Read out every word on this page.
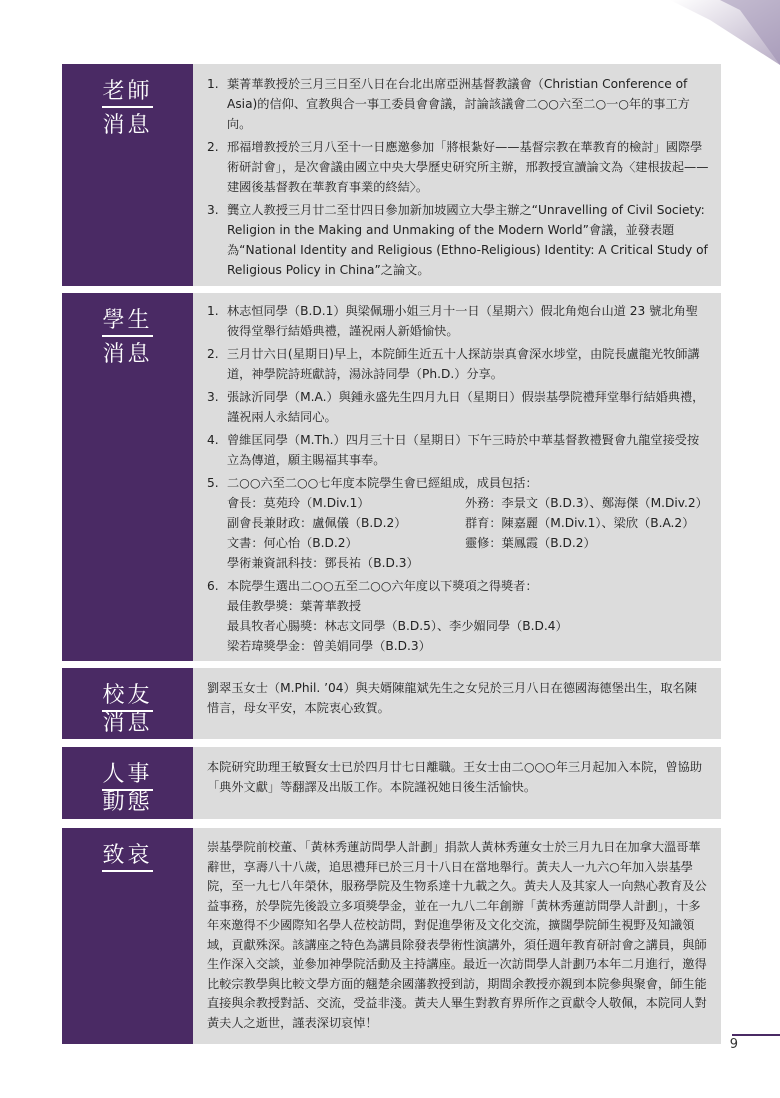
老師
消息
1. 葉菁華教授於三月三日至八日在台北出席亞洲基督教議會（Christian Conference of Asia)的信仰、宣教與合一事工委員會會議，討論該議會二○○六至二○一○年的事工方向。
2. 邢福增教授於三月八至十一日應邀參加「將根紮好——基督宗教在華教育的檢討」國際學術研討會」，是次會議由國立中央大學歷史研究所主辦，邢教授宣讀論文為〈建根拔起——建國後基督教在華教育事業的終結〉。
3. 龔立人教授三月廿二至廿四日參加新加坡國立大學主辦之“Unravelling of Civil Society: Religion in the Making and Unmaking of the Modern World”會議，並發表題為“National Identity and Religious (Ethno-Religious) Identity: A Critical Study of Religious Policy in China”之論文。
學生
消息
1. 林志恒同學（B.D.1）與梁佩珊小姐三月十一日（星期六）假北角炮台山道 23 號北角聖彼得堂舉行結婚典禮，謹祝兩人新婚愉快。
2. 三月廿六日(星期日)早上，本院師生近五十人探訪崇真會深水埗堂，由院長盧龍光牧師講道，神學院詩班獻詩，湯泳詩同學（Ph.D.）分享。
3. 張詠沂同學（M.A.）與鍾永盛先生四月九日（星期日）假崇基學院禮拜堂舉行結婚典禮，謹祝兩人永結同心。
4. 曾維匡同學（M.Th.）四月三十日（星期日）下午三時於中華基督教禮賢會九龍堂接受按立為傳道，願主賜福其事奉。
5. 二○○六至二○○七年度本院學生會已經組成，成員包括：
會長：莫苑玲（M.Div.1）	外務：李景文（B.D.3）、鄭海傑（M.Div.2）
副會長兼財政：盧佩儀（B.D.2）	群育：陳嘉麗（M.Div.1）、梁欣（B.A.2）
文書：何心怡（B.D.2）	靈修：葉鳳霞（B.D.2）
學術兼資訊科技：鄧長祐（B.D.3）
6. 本院學生選出二○○五至二○○六年度以下獎項之得獎者：
最佳教學獎：葉菁華教授
最具牧者心腸獎：林志文同學（B.D.5）、李少媚同學（B.D.4）
梁若瑋獎學金：曾美娟同學（B.D.3）
校友
消息

劉翠玉女士（M.Phil. ’04）與夫婿陳龍斌先生之女兒於三月八日在德國海德堡出生，取名陳惜言，母女平安，本院衷心致賀。

人事
動態

本院研究助理王敏賢女士已於四月廿七日離職。王女士由二○○○年三月起加入本院，曾協助「典外文獻」等翻譯及出版工作。本院謹祝她日後生活愉快。

致哀	崇基學院前校董、「黃林秀蓮訪問學人計劃」捐款人黃林秀蓮女士於三月九日在加拿大溫哥華辭世，享壽八十八歲，追思禮拜已於三月十八日在當地舉行。黃夫人一九六○年加入崇基學院，至一九七八年榮休，服務學院及生物系達十九載之久。黃夫人及其家人一向熱心教育及公益事務，於學院先後設立多項獎學金，並在一九八二年創辦「黃林秀蓮訪問學人計劃」，十多年來邀得不少國際知名學人莅校訪問，對促進學術及文化交流，擴闊學院師生視野及知識領域，貢獻殊深。該講座之特色為講員除發表學術性演講外，須任週年教育研討會之講員，與師生作深入交談，並參加神學院活動及主持講座。最近一次訪問學人計劃乃本年二月進行，邀得比較宗教學與比較文學方面的翹楚余國藩教授到訪，期間余教授亦親到本院參與聚會，師生能直接與余教授對話、交流，受益非淺。黃夫人畢生對教育界所作之貢獻令人敬佩，本院同人對黃夫人之逝世，謹表深切哀悼！

9
